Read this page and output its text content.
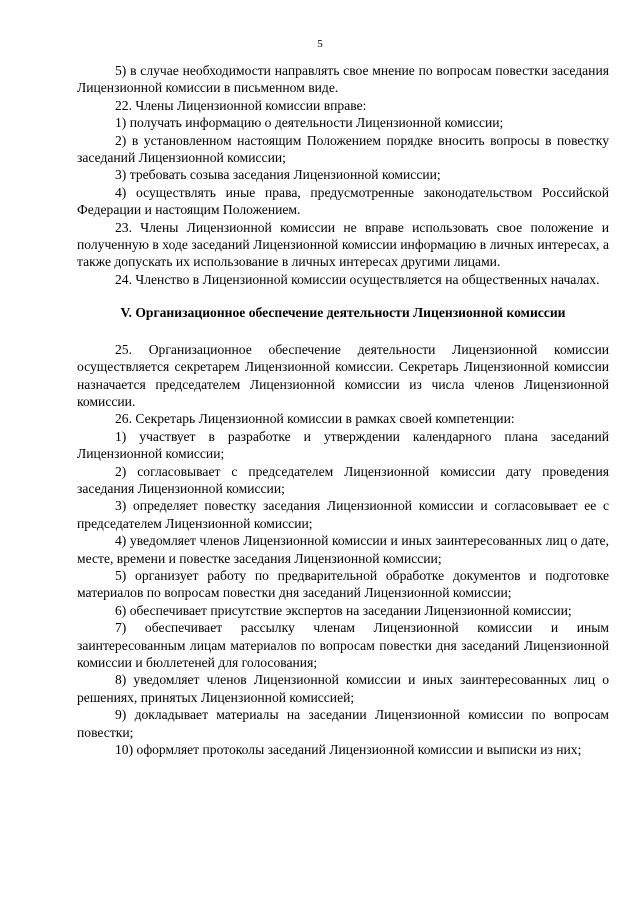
5

5) в случае необходимости направлять свое мнение по вопросам повестки заседания Лицензионной комиссии в письменном виде.

22. Члены Лицензионной комиссии вправе:

1) получать информацию о деятельности Лицензионной комиссии;

2) в установленном настоящим Положением порядке вносить вопросы в повестку заседаний Лицензионной комиссии;

3) требовать созыва заседания Лицензионной комиссии;

4) осуществлять иные права, предусмотренные законодательством Российской Федерации и настоящим Положением.

23. Члены Лицензионной комиссии не вправе использовать свое положение и полученную в ходе заседаний Лицензионной комиссии информацию в личных интересах, а также допускать их использование в личных интересах другими лицами.

24. Членство в Лицензионной комиссии осуществляется на общественных началах.

V. Организационное обеспечение деятельности Лицензиoнной комиссии

25. Организационное обеспечение деятельности Лицензионной комиссии осуществляется секретарем Лицензионной комиссии. Секретарь Лицензионной комиссии назначается председателем Лицензионной комиссии из числа членов Лицензионной комиссии.

26. Секретарь Лицензионной комиссии в рамках своей компетенции:

1) участвует в разработке и утверждении календарного плана заседаний Лицензионной комиссии;

2) согласовывает с председателем Лицензионной комиссии дату проведения заседания Лицензионной комиссии;

3) определяет повестку заседания Лицензионной комиссии и согласовывает ее с председателем Лицензионной комиссии;

4) уведомляет членов Лицензионной комиссии и иных заинтересованных лиц о дате, месте, времени и повестке заседания Лицензионной комиссии;

5) организует работу по предварительной обработке документов и подготовке материалов по вопросам повестки дня заседаний Лицензионной комиссии;

6) обеспечивает присутствие экспертов на заседании Лицензионной комиссии;

7) обеспечивает рассылку членам Лицензионной комиссии и иным заинтересованным лицам материалов по вопросам повестки дня заседаний Лицензионной комиссии и бюллетеней для голосования;

8) уведомляет членов Лицензионной комиссии и иных заинтересованных лиц о решениях, принятых Лицензионной комиссией;

9) докладывает материалы на заседании Лицензионной комиссии по вопросам повестки;

10) оформляет протоколы заседаний Лицензионной комиссии и выписки из них;
